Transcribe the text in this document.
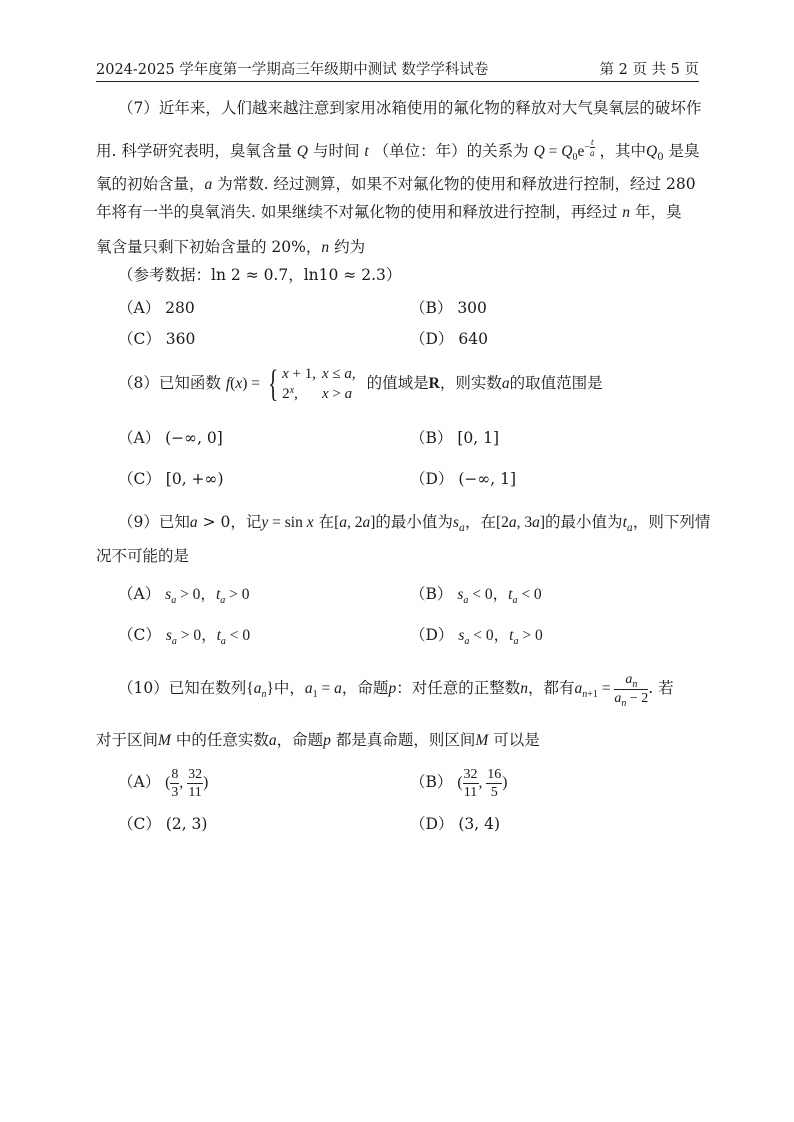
2024-2025 学年度第一学期高三年级期中测试 数学学科试卷	第 2 页 共 5 页
（7）近年来，人们越来越注意到家用冰箱使用的氟化物的释放对大气臭氧层的破坏作
用. 科学研究表明，臭氧含量 Q 与时间 t （单位：年）的关系为 $Q = Q_0e^{- \frac{t}{a}}$ ，其中$Q_0$ 是臭
氧的初始含量，a 为常数. 经过测算，如果不对氟化物的使用和释放进行控制，经过 280
年将有一半的臭氧消失. 如果继续不对氟化物的使用和释放进行控制，再经过 n 年，臭
氧含量只剩下初始含量的 20%，n 约为
（参考数据：ln 2 ≈ 0.7，ln10 ≈ 2.3）
（A） 280	（B） 300
（C） 360	（D） 640
（8）已知函数 f(x) = { x + 1,	x ≤ a,
2$^x$,	x > a 的值域是R，则实数a的取值范围是
（A） (−∞, 0]	（B） [0, 1]
（C） [0, +∞)	（D） (−∞, 1]
（9）已知a > 0，记y = sin x 在[a, 2a]的最小值为$s_a$，在[2a, 3a]的最小值为$t_a$，则下列情
况不可能的是
（A） $s_a > 0$，$t_a > 0$	（B） $s_a < 0$，$t_a < 0$
（C） $s_a > 0$，$t_a < 0$	（D） $s_a < 0$，$t_a > 0$
（10）已知在数列$\{a_n\}$中，$a_1 = a$，命题p：对任意的正整数n，都有$a_{n+1} = \frac{a_n}{a_n - 2}$ . 若
对于区间M 中的任意实数a，命题p 都是真命题，则区间M 可以是
（A） ( $\frac{8}{3}$ , $\frac{32}{11}$ )	（B） ( $\frac{32}{11}$ , $\frac{16}{5}$ )
（C） (2, 3)	（D） (3, 4)
